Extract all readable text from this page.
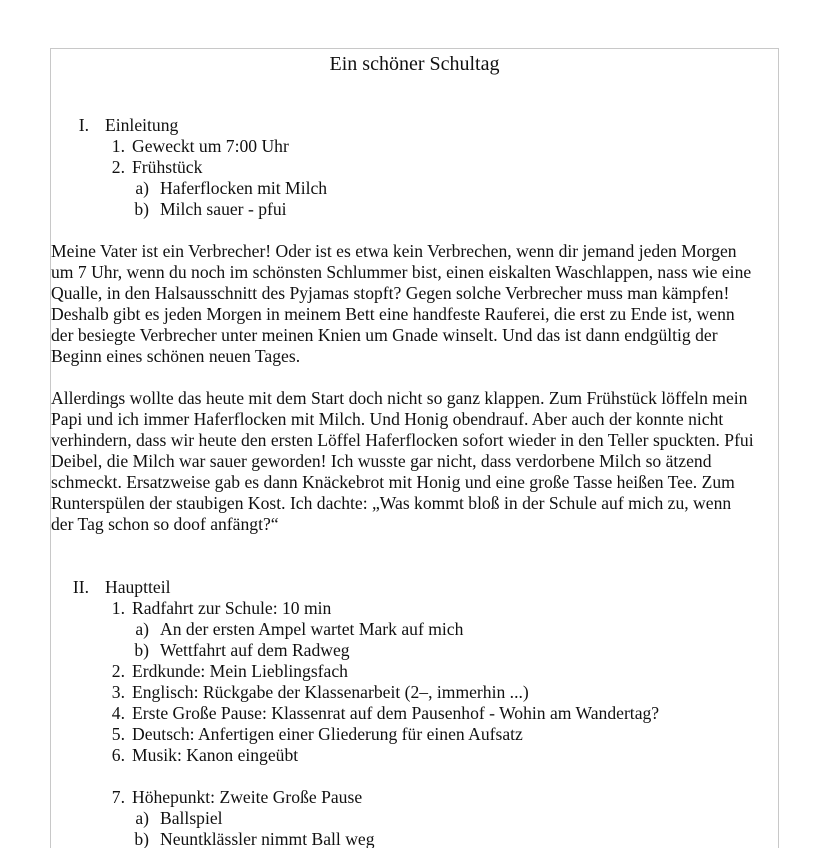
Ein schöner Schultag
I. Einleitung
1. Geweckt um 7:00 Uhr
2. Frühstück
a) Haferflocken mit Milch
b) Milch sauer - pfui
Meine Vater ist ein Verbrecher! Oder ist es etwa kein Verbrechen, wenn dir jemand jeden Morgen
um 7 Uhr, wenn du noch im schönsten Schlummer bist, einen eiskalten Waschlappen, nass wie eine
Qualle, in den Halsausschnitt des Pyjamas stopft? Gegen solche Verbrecher muss man kämpfen!
Deshalb gibt es jeden Morgen in meinem Bett eine handfeste Rauferei, die erst zu Ende ist, wenn
der besiegte Verbrecher unter meinen Knien um Gnade winselt. Und das ist dann endgültig der
Beginn eines schönen neuen Tages.
Allerdings wollte das heute mit dem Start doch nicht so ganz klappen. Zum Frühstück löffeln mein
Papi und ich immer Haferflocken mit Milch. Und Honig obendrauf. Aber auch der konnte nicht
verhindern, dass wir heute den ersten Löffel Haferflocken sofort wieder in den Teller spuckten. Pfui
Deibel, die Milch war sauer geworden! Ich wusste gar nicht, dass verdorbene Milch so ätzend
schmeckt. Ersatzweise gab es dann Knäckebrot mit Honig und eine große Tasse heißen Tee. Zum
Runterspülen der staubigen Kost. Ich dachte: „Was kommt bloß in der Schule auf mich zu, wenn
der Tag schon so doof anfängt?“
II. Hauptteil
1. Radfahrt zur Schule: 10 min
a) An der ersten Ampel wartet Mark auf mich
b) Wettfahrt auf dem Radweg
2. Erdkunde: Mein Lieblingsfach
3. Englisch: Rückgabe der Klassenarbeit (2–, immerhin ...)
4. Erste Große Pause: Klassenrat auf dem Pausenhof - Wohin am Wandertag?
5. Deutsch: Anfertigen einer Gliederung für einen Aufsatz
6. Musik: Kanon eingeübt
7. Höhepunkt: Zweite Große Pause
a) Ballspiel
b) Neuntklässler nimmt Ball weg
